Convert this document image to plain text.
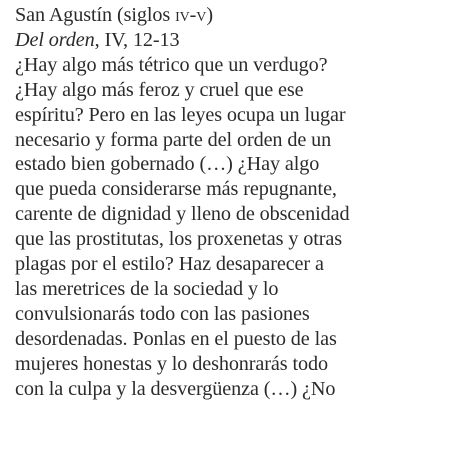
San Agustín (siglos iv-v)
Del orden, IV, 12-13
¿Hay algo más tétrico que un verdugo?
¿Hay algo más feroz y cruel que ese
espíritu? Pero en las leyes ocupa un lugar
necesario y forma parte del orden de un
estado bien gobernado (…) ¿Hay algo
que pueda considerarse más repugnante,
carente de dignidad y lleno de obscenidad
que las prostitutas, los proxenetas y otras
plagas por el estilo? Haz desaparecer a
las meretrices de la sociedad y lo
convulsionarás todo con las pasiones
desordenadas. Ponlas en el puesto de las
mujeres honestas y lo deshonrarás todo
con la culpa y la desvergüenza (…) ¿No
